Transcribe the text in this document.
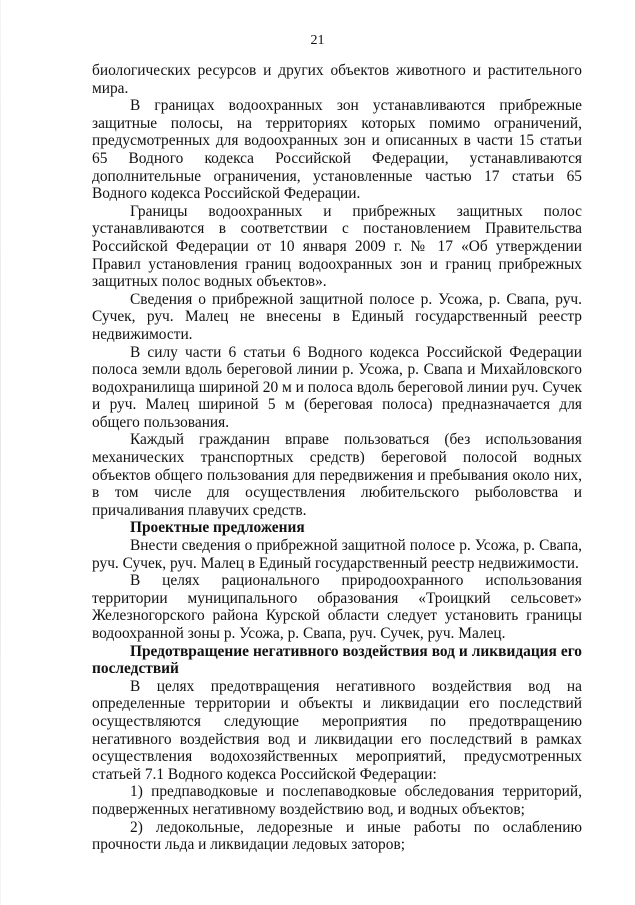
21

биологических ресурсов и других объектов животного и растительного мира.

В границах водоохранных зон устанавливаются прибрежные защитные полосы, на территориях которых помимо ограничений, предусмотренных для водоохранных зон и описанных в части 15 статьи 65 Водного кодекса Российской Федерации, устанавливаются дополнительные ограничения, установленные частью 17 статьи 65 Водного кодекса Российской Федерации.

Границы водоохранных и прибрежных защитных полос устанавливаются в соответствии с постановлением Правительства Российской Федерации от 10 января 2009 г. № 17 «Об утверждении Правил установления границ водоохранных зон и границ прибрежных защитных полос водных объектов».

Сведения о прибрежной защитной полосе р. Усожа, р. Свапа, руч. Сучек, руч. Малец не внесены в Единый государственный реестр недвижимости.

В силу части 6 статьи 6 Водного кодекса Российской Федерации полоса земли вдоль береговой линии р. Усожа, р. Свапа и Михайловского водохранилища шириной 20 м и полоса вдоль береговой линии руч. Сучек и руч. Малец шириной 5 м (береговая полоса) предназначается для общего пользования.

Каждый гражданин вправе пользоваться (без использования механических транспортных средств) береговой полосой водных объектов общего пользования для передвижения и пребывания около них, в том числе для осуществления любительского рыболовства и причаливания плавучих средств.

Проектные предложения

Внести сведения о прибрежной защитной полосе р. Усожа, р. Свапа, руч. Сучек, руч. Малец в Единый государственный реестр недвижимости.

В целях рационального природоохранного использования территории муниципального образования «Троицкий сельсовет» Железногорского района Курской области следует установить границы водоохранной зоны р. Усожа, р. Свапа, руч. Сучек, руч. Малец.

Предотвращение негативного воздействия вод и ликвидация его последствий

В целях предотвращения негативного воздействия вод на определенные территории и объекты и ликвидации его последствий осуществляются следующие мероприятия по предотвращению негативного воздействия вод и ликвидации его последствий в рамках осуществления водохозяйственных мероприятий, предусмотренных статьей 7.1 Водного кодекса Российской Федерации:

1) предпаводковые и послепаводковые обследования территорий, подверженных негативному воздействию вод, и водных объектов;

2) ледокольные, ледорезные и иные работы по ослаблению прочности льда и ликвидации ледовых заторов;
